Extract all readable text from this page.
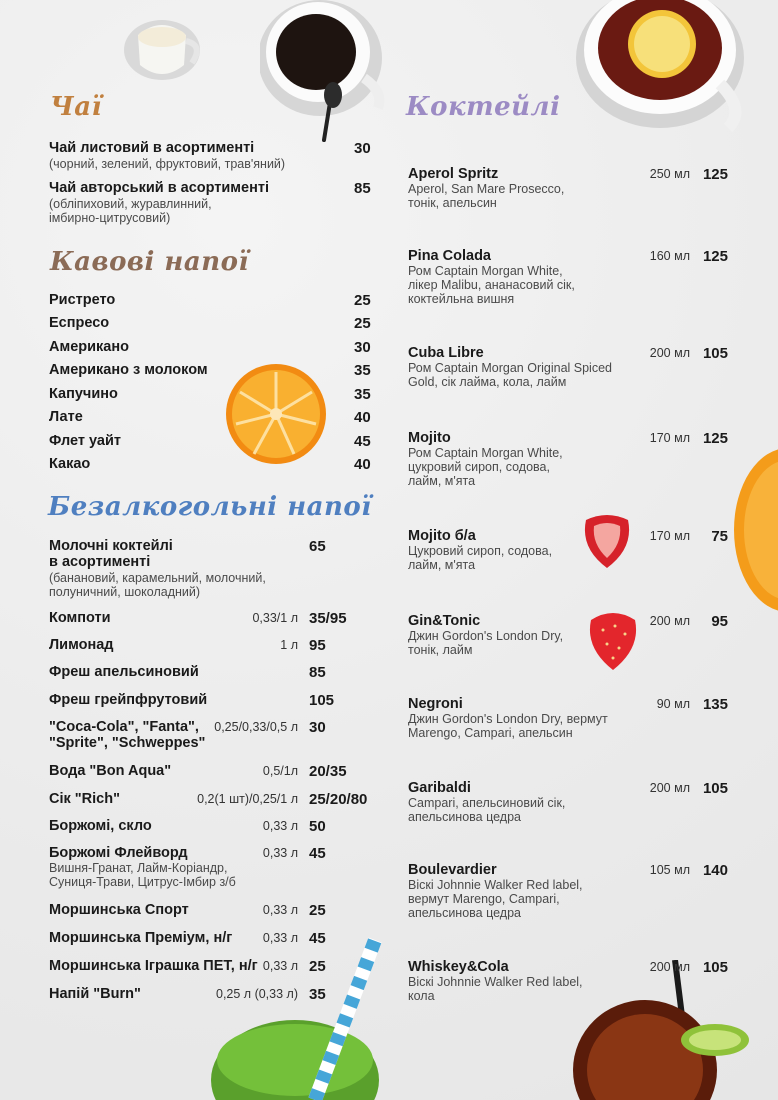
Чаї
Чай листовий в асортименті
(чорний, зелений, фруктовий, трав'яний)
30
Чай авторський в асортименті
(обліпиховий, журавлинний,
імбирно-цитрусовий)
85
Кавові напої
Безалкогольні напої
Молочні коктейлі
в асортименті
(банановий, карамельний, молочний,
полуничний, шоколадний)
65
Коктейлі
Ристрето	25
Еспресо	25
Американо	30
Американо з молоком	35
Капучино	35
Лате	40
Флет уайт	45
Какао	40
Компоти	0,33/1 л 35/95
Лимонад	1 л 95
Фреш апельсиновий	85
Фреш грейпфрутовий	105
"Coca-Cola", "Fanta",
"Sprite", "Schweppes"
0,25/0,33/0,5 л 30
Вода "Bon Aqua"	0,5/1л 20/35
Сік "Rich"	0,2(1 шт)/0,25/1 л 25/20/80
Боржомі, скло	0,33 л 50
Боржомі Флейворд
Вишня-Гранат, Лайм-Коріандр,
Суниця-Трави, Цитрус-Імбир з/б
0,33 л 45
Моршинська Спорт	0,33 л 25
Моршинська Преміум, н/г	0,33 л 45
Моршинська Іграшка ПЕТ, н/г 0,33 л 25
Напій "Burn"	0,25 л (0,33 л) 35
Aperol Spritz
Aperol, San Mare Prosecco,
тонік, апельсин
250 мл 125
Pina Colada
Ром Captain Morgan White,
лікер Malibu, ананасовий сік,
коктейльна вишня
160 мл 125
Cuba Libre
Ром Captain Morgan Original Spiced
Gold, сік лайма, кола, лайм
200 мл 105
Mojito
Ром Captain Morgan White,
цукровий сироп, содова,
лайм, м'ята
170 мл 125
Mojito б/а
Цукровий сироп, содова,
лайм, м'ята
170 мл	75
Gin&Tonic
Джин Gordon's London Dry,
тонік, лайм
200 мл	95
Negroni
Джин Gordon's London Dry, вермут
Marengo, Campari, апельсин
90 мл 135
Garibaldi
Campari, апельсиновий сік,
апельсинова цедра
200 мл 105
Boulevardier
Віскі Johnnie Walker Red label,
вермут Marengo, Campari,
апельсинова цедра
105 мл 140
Whiskey&Cola
Віскі Johnnie Walker Red label,
кола
200 мл 105
